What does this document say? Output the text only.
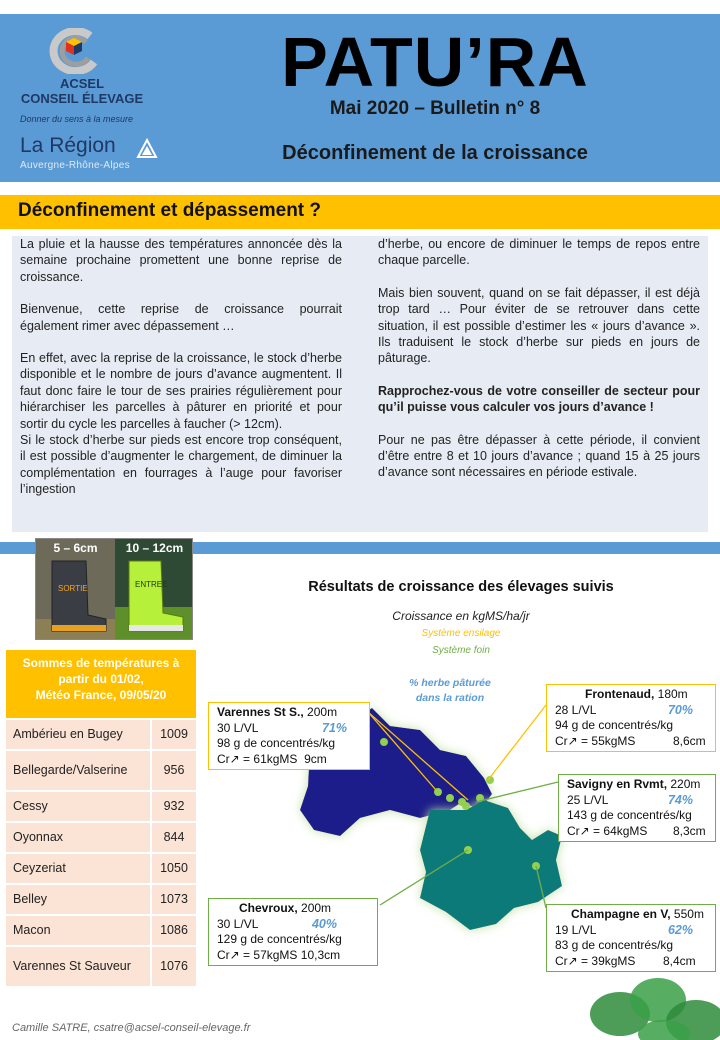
ACSEL
CONSEIL ÉLEVAGE
Donner du sens à la mesure
La Région
Auvergne-Rhône-Alpes
PATU’RA
Mai 2020 – Bulletin n° 8
Déconfinement de la croissance
Déconfinement et dépassement ?

La pluie et la hausse des températures annoncée dès la semaine prochaine promettent une bonne reprise de croissance.

Bienvenue, cette reprise de croissance pourrait également rimer avec dépassement …

En effet, avec la reprise de la croissance, le stock d’herbe disponible et le nombre de jours d’avance augmentent. Il faut donc faire le tour de ses prairies régulièrement pour hiérarchiser les parcelles à pâturer en priorité et pour sortir du cycle les parcelles à faucher (> 12cm).

Si le stock d’herbe sur pieds est encore trop conséquent, il est possible d’augmenter le chargement, de diminuer la complémentation en fourrages à l’auge pour favoriser l’ingestion

d’herbe, ou encore de diminuer le temps de repos entre chaque parcelle.

Mais bien souvent, quand on se fait dépasser, il est déjà trop tard … Pour éviter de se retrouver dans cette situation, il est possible d’estimer les « jours d’avance ». Ils traduisent le stock d’herbe sur pieds en jours de pâturage.

Rapprochez-vous de votre conseiller de secteur pour qu’il puisse vous calculer vos jours d’avance !

Pour ne pas être dépasser à cette période, il convient d’être entre 8 et 10 jours d’avance ; quand 15 à 25 jours d’avance sont nécessaires en période estivale.

SORTIE
5 – 6cm
ENTREE
10 – 12cm
Sommes de températures à
partir du 01/02,
Météo France, 09/05/20
Ambérieu en Bugey	1009
Bellegarde/Valserine	956
Cessy	932
Oyonnax	844
Ceyzeriat	1050
Belley	1073
Macon	1086
Varennes St Sauveur	1076
Résultats de croissance des élevages suivis
Croissance en kgMS/ha/jr
Système ensilage
Système foin
% herbe pâturée
dans la ration
Varennes St S., 200m
30 L/VL	71%
98 g de concentrés/kg
Cr↗ = 61kgMS 9cm
Frontenaud, 180m
28 L/VL	70%
94 g de concentrés/kg
Cr↗ = 55kgMS	8,6cm
Savigny en Rvmt, 220m
25 L/VL	74%
143 g de concentrés/kg
Cr↗ = 64kgMS 8,3cm
Chevroux, 200m
30 L/VL	40%
129 g de concentrés/kg
Cr↗ = 57kgMS 10,3cm
Champagne en V, 550m
19 L/VL	62%
83 g de concentrés/kg
Cr↗ = 39kgMS 8,4cm
Camille SATRE, csatre@acsel-conseil-elevage.fr
